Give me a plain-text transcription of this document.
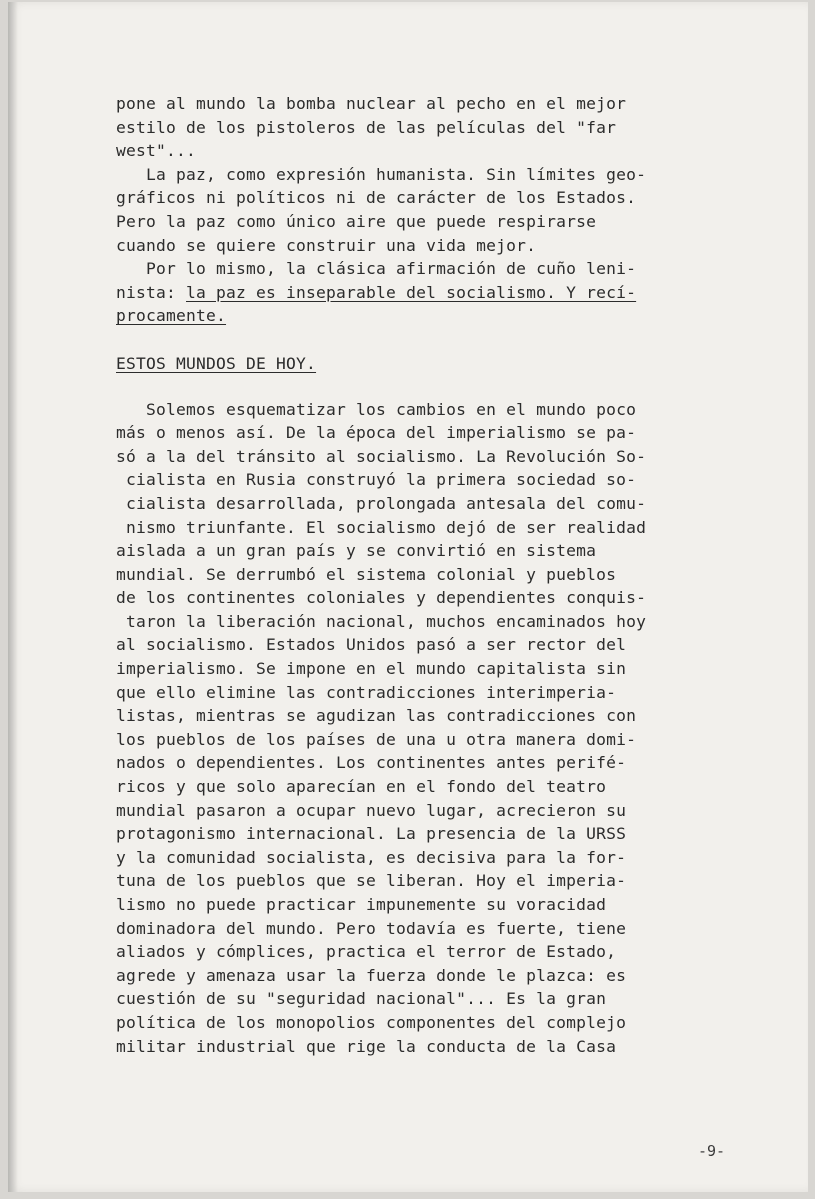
pone al mundo la bomba nuclear al pecho en el mejor
estilo de los pistoleros de las películas del "far
west"...
La paz, como expresión humanista. Sin límites geo-
gráficos ni políticos ni de carácter de los Estados.
Pero la paz como único aire que puede respirarse
cuando se quiere construir una vida mejor.
Por lo mismo, la clásica afirmación de cuño leni-
nista: la paz es inseparable del socialismo. Y recí-
procamente.
ESTOS MUNDOS DE HOY.
Solemos esquematizar los cambios en el mundo poco
más o menos así. De la época del imperialismo se pa-
só a la del tránsito al socialismo. La Revolución So-
cialista en Rusia construyó la primera sociedad so-
cialista desarrollada, prolongada antesala del comu-
nismo triunfante. El socialismo dejó de ser realidad
aislada a un gran país y se convirtió en sistema
mundial. Se derrumbó el sistema colonial y pueblos
de los continentes coloniales y dependientes conquis-
taron la liberación nacional, muchos encaminados hoy
al socialismo. Estados Unidos pasó a ser rector del
imperialismo. Se impone en el mundo capitalista sin
que ello elimine las contradicciones interimperia-
listas, mientras se agudizan las contradicciones con
los pueblos de los países de una u otra manera domi-
nados o dependientes. Los continentes antes perifé-
ricos y que solo aparecían en el fondo del teatro
mundial pasaron a ocupar nuevo lugar, acrecieron su
protagonismo internacional. La presencia de la URSS
y la comunidad socialista, es decisiva para la for-
tuna de los pueblos que se liberan. Hoy el imperia-
lismo no puede practicar impunemente su voracidad
dominadora del mundo. Pero todavía es fuerte, tiene
aliados y cómplices, practica el terror de Estado,
agrede y amenaza usar la fuerza donde le plazca: es
cuestión de su "seguridad nacional"... Es la gran
política de los monopolios componentes del complejo
militar industrial que rige la conducta de la Casa
-9-
